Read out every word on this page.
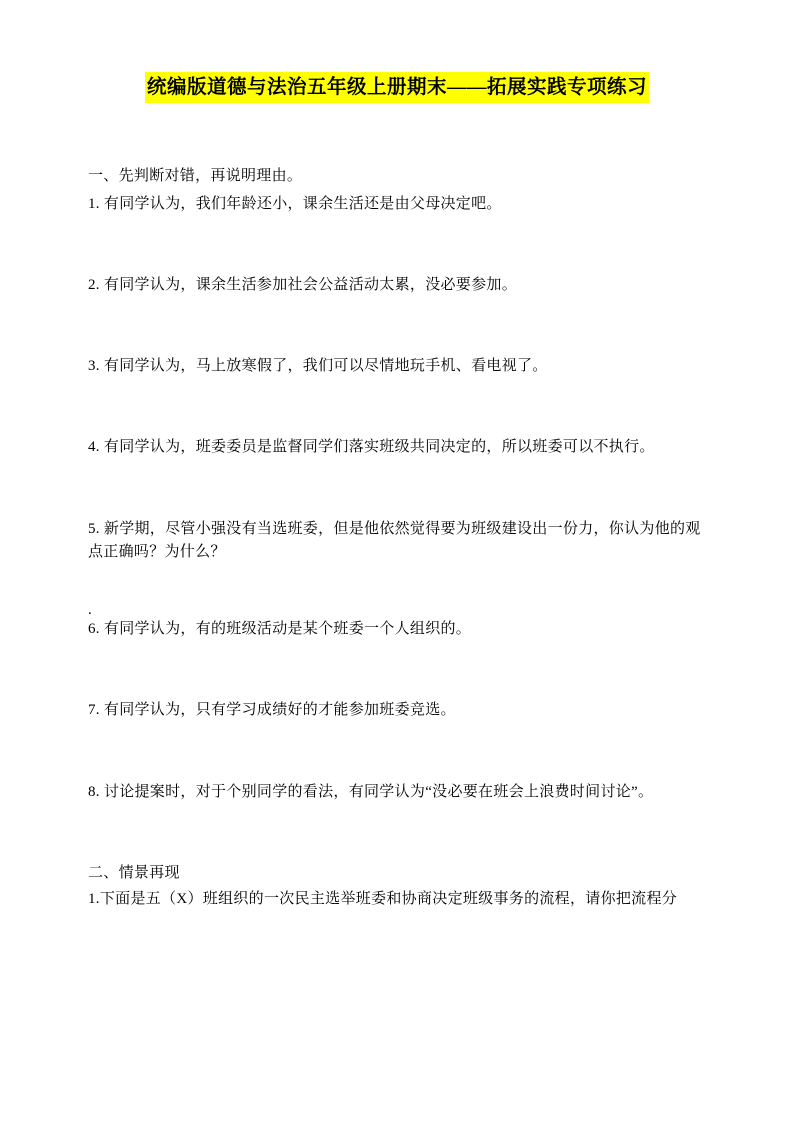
统编版道德与法治五年级上册期末——拓展实践专项练习
一、先判断对错，再说明理由。
1. 有同学认为，我们年龄还小，课余生活还是由父母决定吧。
2. 有同学认为，课余生活参加社会公益活动太累，没必要参加。
3. 有同学认为，马上放寒假了，我们可以尽情地玩手机、看电视了。
4. 有同学认为，班委委员是监督同学们落实班级共同决定的，所以班委可以不执行。
5. 新学期，尽管小强没有当选班委，但是他依然觉得要为班级建设出一份力，你认为他的观点正确吗？为什么？
.
6. 有同学认为，有的班级活动是某个班委一个人组织的。
7. 有同学认为，只有学习成绩好的才能参加班委竞选。
8. 讨论提案时，对于个别同学的看法，有同学认为“没必要在班会上浪费时间讨论”。
二、情景再现
1.下面是五（X）班组织的一次民主选举班委和协商决定班级事务的流程，请你把流程分
